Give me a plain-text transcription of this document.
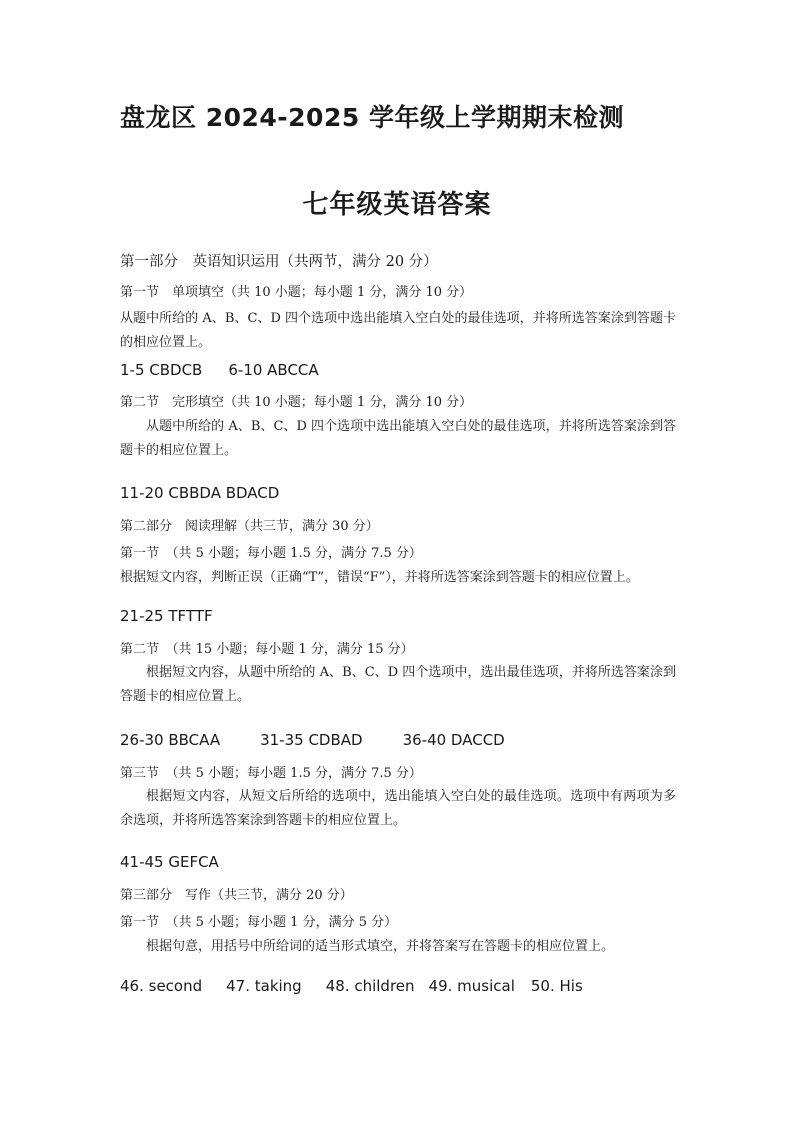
盘龙区 2024-2025 学年级上学期期末检测
七年级英语答案
第一部分　英语知识运用（共两节，满分 20 分）
第一节　单项填空（共 10 小题；每小题 1 分，满分 10 分）
从题中所给的 A、B、C、D 四个选项中选出能填入空白处的最佳选项，并将所选答案涂到答题卡的相应位置上。
1-5 CBDCB 6-10 ABCCA
第二节　完形填空（共 10 小题；每小题 1 分，满分 10 分）
从题中所给的 A、B、C、D 四个选项中选出能填入空白处的最佳选项，并将所选答案涂到答题卡的相应位置上。
11-20 CBBDA BDACD
第二部分　阅读理解（共三节，满分 30 分）
第一节　（共 5 小题；每小题 1.5 分，满分 7.5 分）
根据短文内容，判断正误（正确“T”，错误“F”），并将所选答案涂到答题卡的相应位置上。
21-25 TFTTF
第二节　（共 15 小题；每小题 1 分，满分 15 分）
根据短文内容，从题中所给的 A、B、C、D 四个选项中，选出最佳选项，并将所选答案涂到答题卡的相应位置上。
26-30 BBCAA	31-35 CDBAD	36-40 DACCD
第三节　（共 5 小题；每小题 1.5 分，满分 7.5 分）
根据短文内容，从短文后所给的选项中，选出能填入空白处的最佳选项。选项中有两项为多余选项，并将所选答案涂到答题卡的相应位置上。
41-45 GEFCA
第三部分　写作（共三节，满分 20 分）
第一节　（共 5 小题；每小题 1 分，满分 5 分）
根据句意，用括号中所给词的适当形式填空，并将答案写在答题卡的相应位置上。
46. second 47. taking 48. children 49. musical 50. His
